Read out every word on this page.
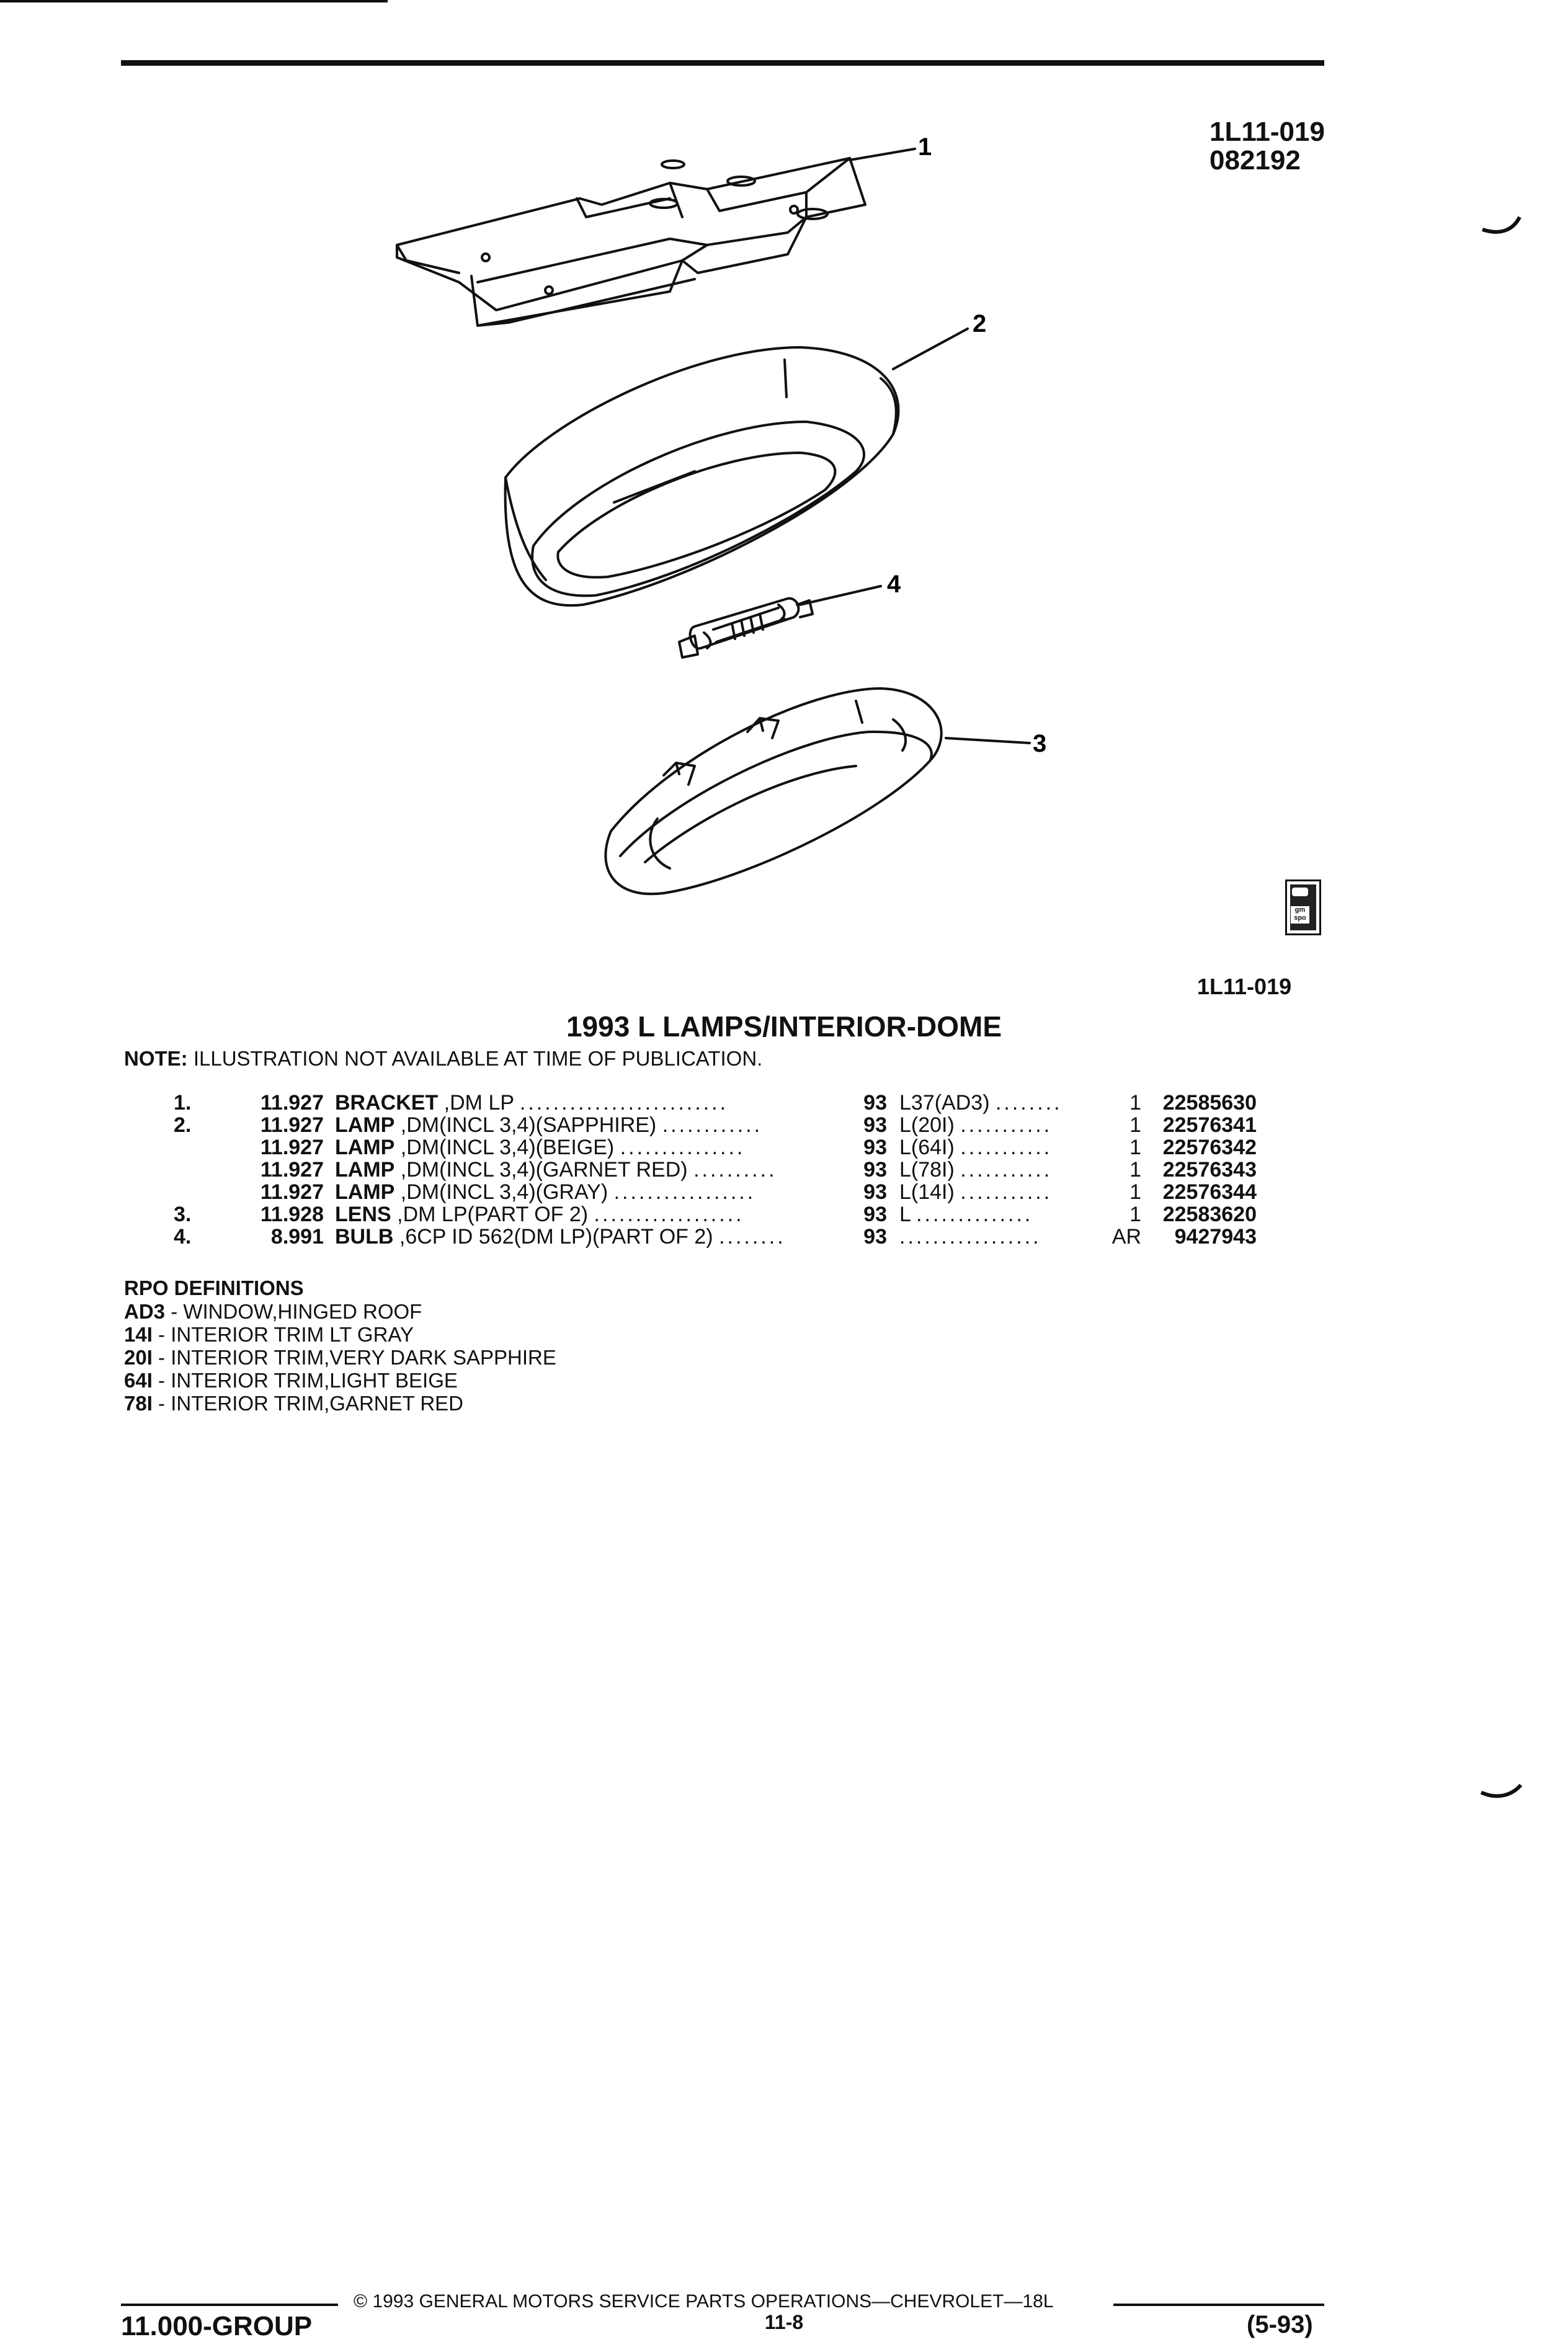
1L11-019
082192
1
2
4
3
gm spo
1L11-019
1993 L LAMPS/INTERIOR-DOME
NOTE: ILLUSTRATION NOT AVAILABLE AT TIME OF PUBLICATION.
1.	11.927	BRACKET ,DM LP .........................	93	L37(AD3) ........	1	22585630
2.	11.927	LAMP ,DM(INCL 3,4)(SAPPHIRE) ............	93	L(20I) ...........	1	22576341
	11.927	LAMP ,DM(INCL 3,4)(BEIGE) ...............	93	L(64I) ...........	1	22576342
	11.927	LAMP ,DM(INCL 3,4)(GARNET RED) ..........	93	L(78I) ...........	1	22576343
	11.927	LAMP ,DM(INCL 3,4)(GRAY) .................	93	L(14I) ...........	1	22576344
3.	11.928	LENS ,DM LP(PART OF 2) ..................	93	L ..............	1	22583620
4.	8.991	BULB ,6CP ID 562(DM LP)(PART OF 2) ........	93	.................	AR	9427943
RPO DEFINITIONS
AD3 - WINDOW,HINGED ROOF
14I - INTERIOR TRIM LT GRAY
20I - INTERIOR TRIM,VERY DARK SAPPHIRE
64I - INTERIOR TRIM,LIGHT BEIGE
78I - INTERIOR TRIM,GARNET RED
© 1993 GENERAL MOTORS SERVICE PARTS OPERATIONS—CHEVROLET—18L
11.000-GROUP	11-8	(5-93)
